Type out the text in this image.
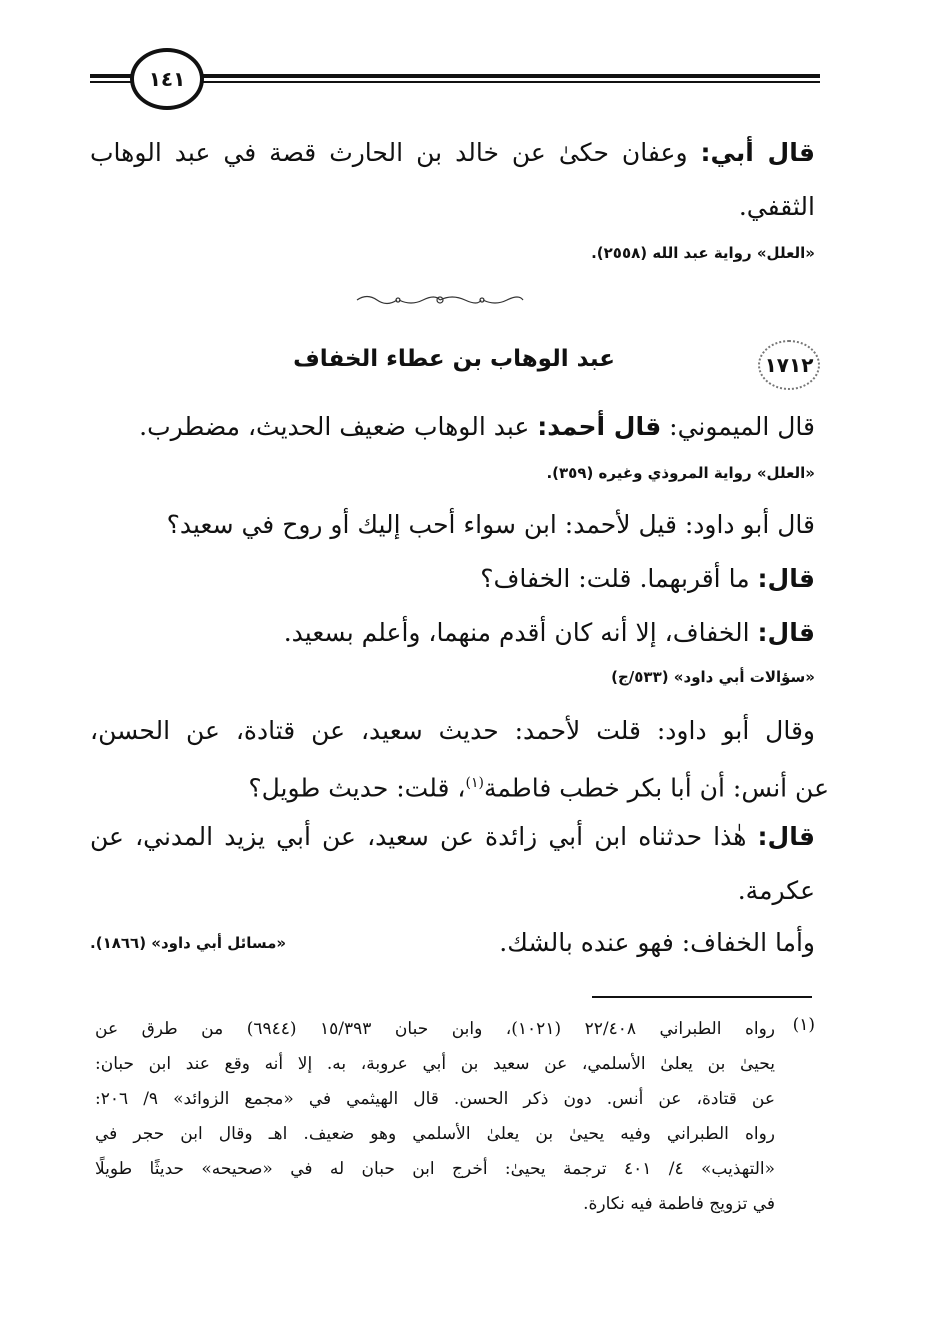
١٤١
قال أبي: وعفان حكىٰ عن خالد بن الحارث قصة في عبد الوهاب
الثقفي.
«العلل» رواية عبد الله (٢٥٥٨).
١٧١٢
عبد الوهاب بن عطاء الخفاف
قال الميموني: قال أحمد: عبد الوهاب ضعيف الحديث، مضطرب.
«العلل» رواية المروذي وغيره (٣٥٩).
قال أبو داود: قيل لأحمد: ابن سواء أحب إليك أو روح في سعيد؟
قال: ما أقربهما. قلت: الخفاف؟
قال: الخفاف، إلا أنه كان أقدم منهما، وأعلم بسعيد.
«سؤالات أبي داود» (٥٣٣/ج)
وقال أبو داود: قلت لأحمد: حديث سعيد، عن قتادة، عن الحسن،
عن أنس: أن أبا بكر خطب فاطمة$^{(١)}$، قلت: حديث طويل؟
قال: هٰذا حدثناه ابن أبي زائدة عن سعيد، عن أبي يزيد المدني، عن
عكرمة.
وأما الخفاف: فهو عنده بالشك.
«مسائل أبي داود» (١٨٦٦).
(١)
رواه الطبراني ٢٢/٤٠٨ (١٠٢١)، وابن حبان ١٥/٣٩٣ (٦٩٤٤) من طرق عن
يحيىٰ بن يعلىٰ الأسلمي، عن سعيد بن أبي عروبة، به. إلا أنه وقع عند ابن حبان:
عن قتادة، عن أنس. دون ذكر الحسن. قال الهيثمي في «مجمع الزوائد» ٩/ ٢٠٦:
رواه الطبراني وفيه يحيىٰ بن يعلىٰ الأسلمي وهو ضعيف. اهـ وقال ابن حجر في
«التهذيب» ٤/ ٤٠١ ترجمة يحيىٰ: أخرج ابن حبان له في «صحيحه» حديثًا طويلًا
في تزويج فاطمة فيه نكارة.
